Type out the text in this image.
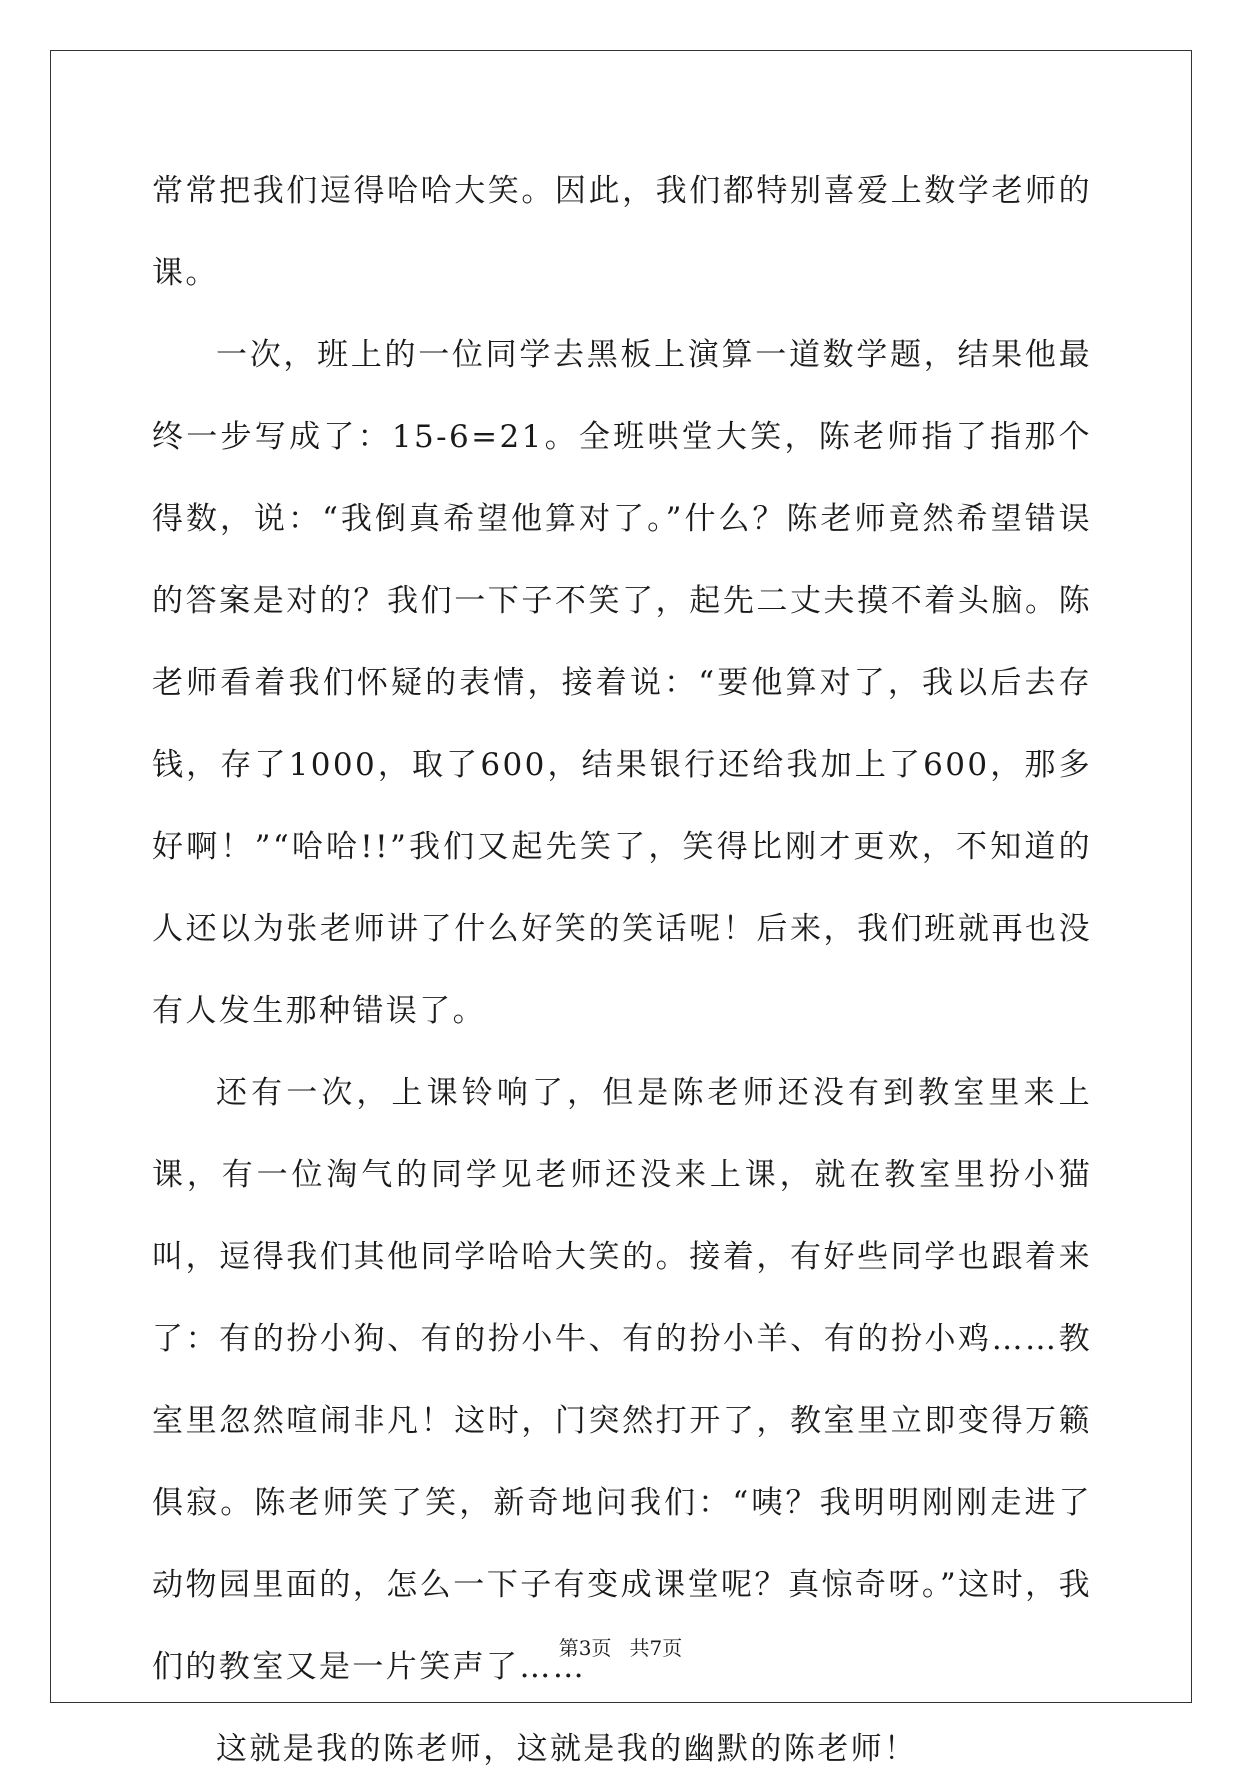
常常把我们逗得哈哈大笑。因此，我们都特别喜爱上数学老师的课。

一次，班上的一位同学去黑板上演算一道数学题，结果他最终一步写成了：15-6=21。全班哄堂大笑，陈老师指了指那个得数，说：“我倒真希望他算对了。”什么？陈老师竟然希望错误的答案是对的？我们一下子不笑了，起先二丈夫摸不着头脑。陈老师看着我们怀疑的表情，接着说：“要他算对了，我以后去存钱，存了1000，取了600，结果银行还给我加上了600，那多好啊！”“哈哈!!”我们又起先笑了，笑得比刚才更欢，不知道的人还以为张老师讲了什么好笑的笑话呢！后来，我们班就再也没有人发生那种错误了。

还有一次，上课铃响了，但是陈老师还没有到教室里来上课，有一位淘气的同学见老师还没来上课，就在教室里扮小猫叫，逗得我们其他同学哈哈大笑的。接着，有好些同学也跟着来了：有的扮小狗、有的扮小牛、有的扮小羊、有的扮小鸡……教室里忽然喧闹非凡！这时，门突然打开了，教室里立即变得万籁俱寂。陈老师笑了笑，新奇地问我们：“咦？我明明刚刚走进了动物园里面的，怎么一下子有变成课堂呢？真惊奇呀。”这时，我们的教室又是一片笑声了……

这就是我的陈老师，这就是我的幽默的陈老师！

第3页 共7页
